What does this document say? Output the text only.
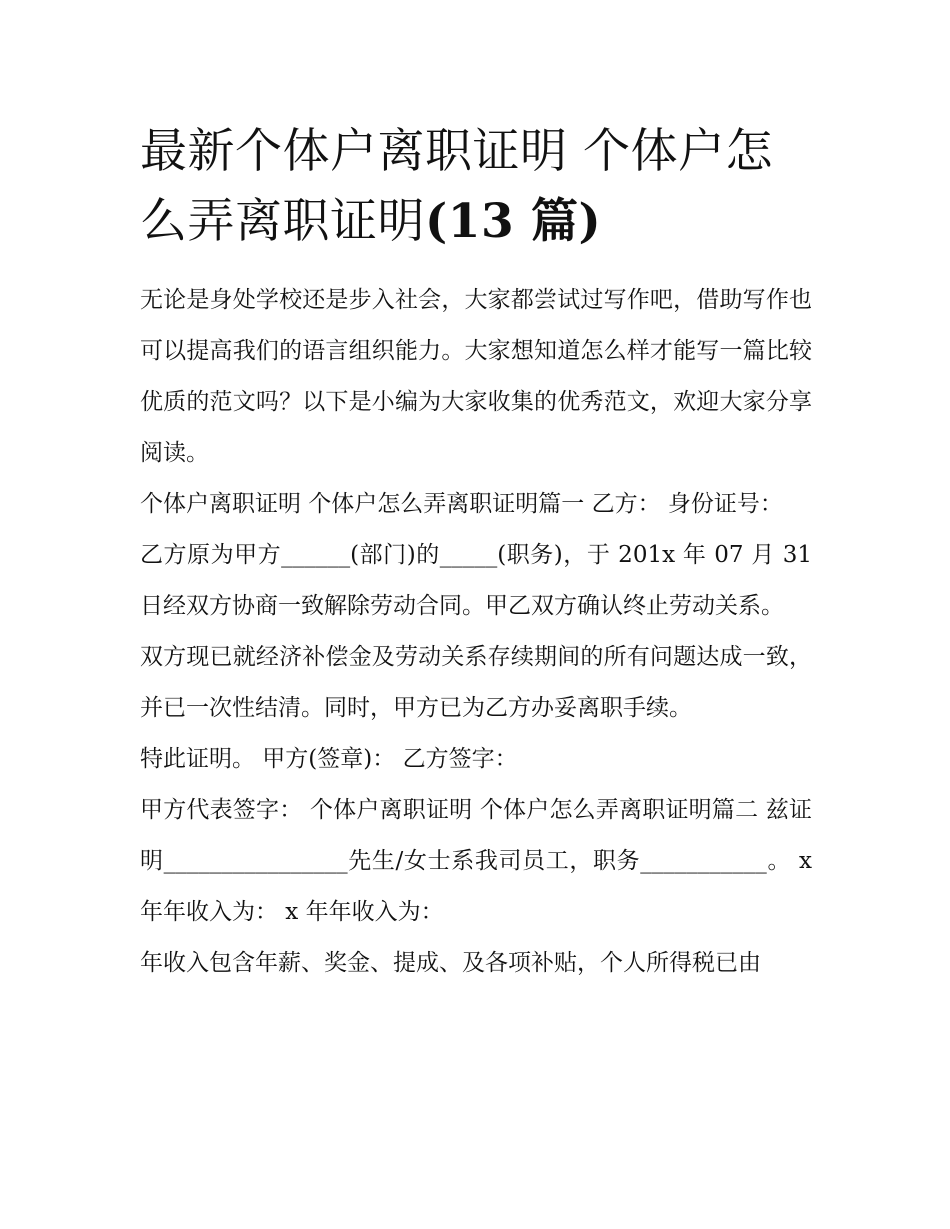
最新个体户离职证明 个体户怎么弄离职证明(13 篇)

无论是身处学校还是步入社会，大家都尝试过写作吧，借助写作也可以提高我们的语言组织能力。大家想知道怎么样才能写一篇比较优质的范文吗？以下是小编为大家收集的优秀范文，欢迎大家分享阅读。

个体户离职证明 个体户怎么弄离职证明篇一 乙方： 身份证号：

乙方原为甲方______(部门)的_____(职务)，于 201x 年 07 月 31 日经双方协商一致解除劳动合同。甲乙双方确认终止劳动关系。

双方现已就经济补偿金及劳动关系存续期间的所有问题达成一致，并已一次性结清。同时，甲方已为乙方办妥离职手续。

特此证明。 甲方(签章)： 乙方签字：

甲方代表签字： 个体户离职证明 个体户怎么弄离职证明篇二 兹证明________________先生/女士系我司员工，职务___________。 x 年年收入为： x 年年收入为：

年收入包含年薪、奖金、提成、及各项补贴，个人所得税已由
